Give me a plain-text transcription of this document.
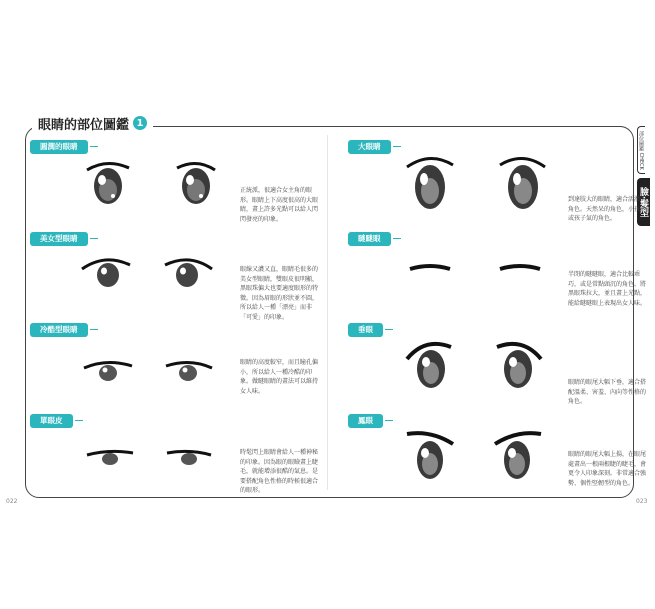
眼睛的部位圖鑑 1
部位圖鑑 CHECK
臉‧髮型
圓潤的眼睛
正統派，很適合女主角的眼形。眼睛上下高度很高的大眼睛，畫上許多光點可以給人閃閃發亮的印象。
美女型眼睛
眼線又濃又直，眼睛毛很多的美女型眼睛，雙眼皮很明顯，黑眼珠偏大也要適度眼形的特徵。因為眉眼的形狀並不圓，所以給人一種「漂亮」而非「可愛」的印象。
冷酷型眼睛
眼睛的高度較窄，而且瞳孔偏小，所以給人一種冷酷的印象。做瞇眼睛的畫法可以維持女人味。
單眼皮
時髦閃上眼睛會給人一種神秘的印象。因為眼的眼瞼畫上睫毛，就能增添很酷的氣息。是要搭配角色性格的時候很適合的眼形。
大眼睛
到達肢大的眼睛，適合活潑的角色。天然呆的角色，小孩子或孩子氣的角色。
瞇瞇眼
半閉的瞇瞇眼，適合比較乖巧，或是常點頭沉的角色。將黑眼珠拉大，並且畫上光點，能給瞇瞇眼上表現出女人味。
垂眼
眼睛的眼尾大幅下垂，適合搭配溫柔、害羞、內向等性格的角色。
鳳眼
眼睛的眼尾大幅上揚，在眼尾處畫出一根兩根睫的睫毛，會更令人印象深刻。非常適合強勢、個性堅韌型的角色。
022	023
